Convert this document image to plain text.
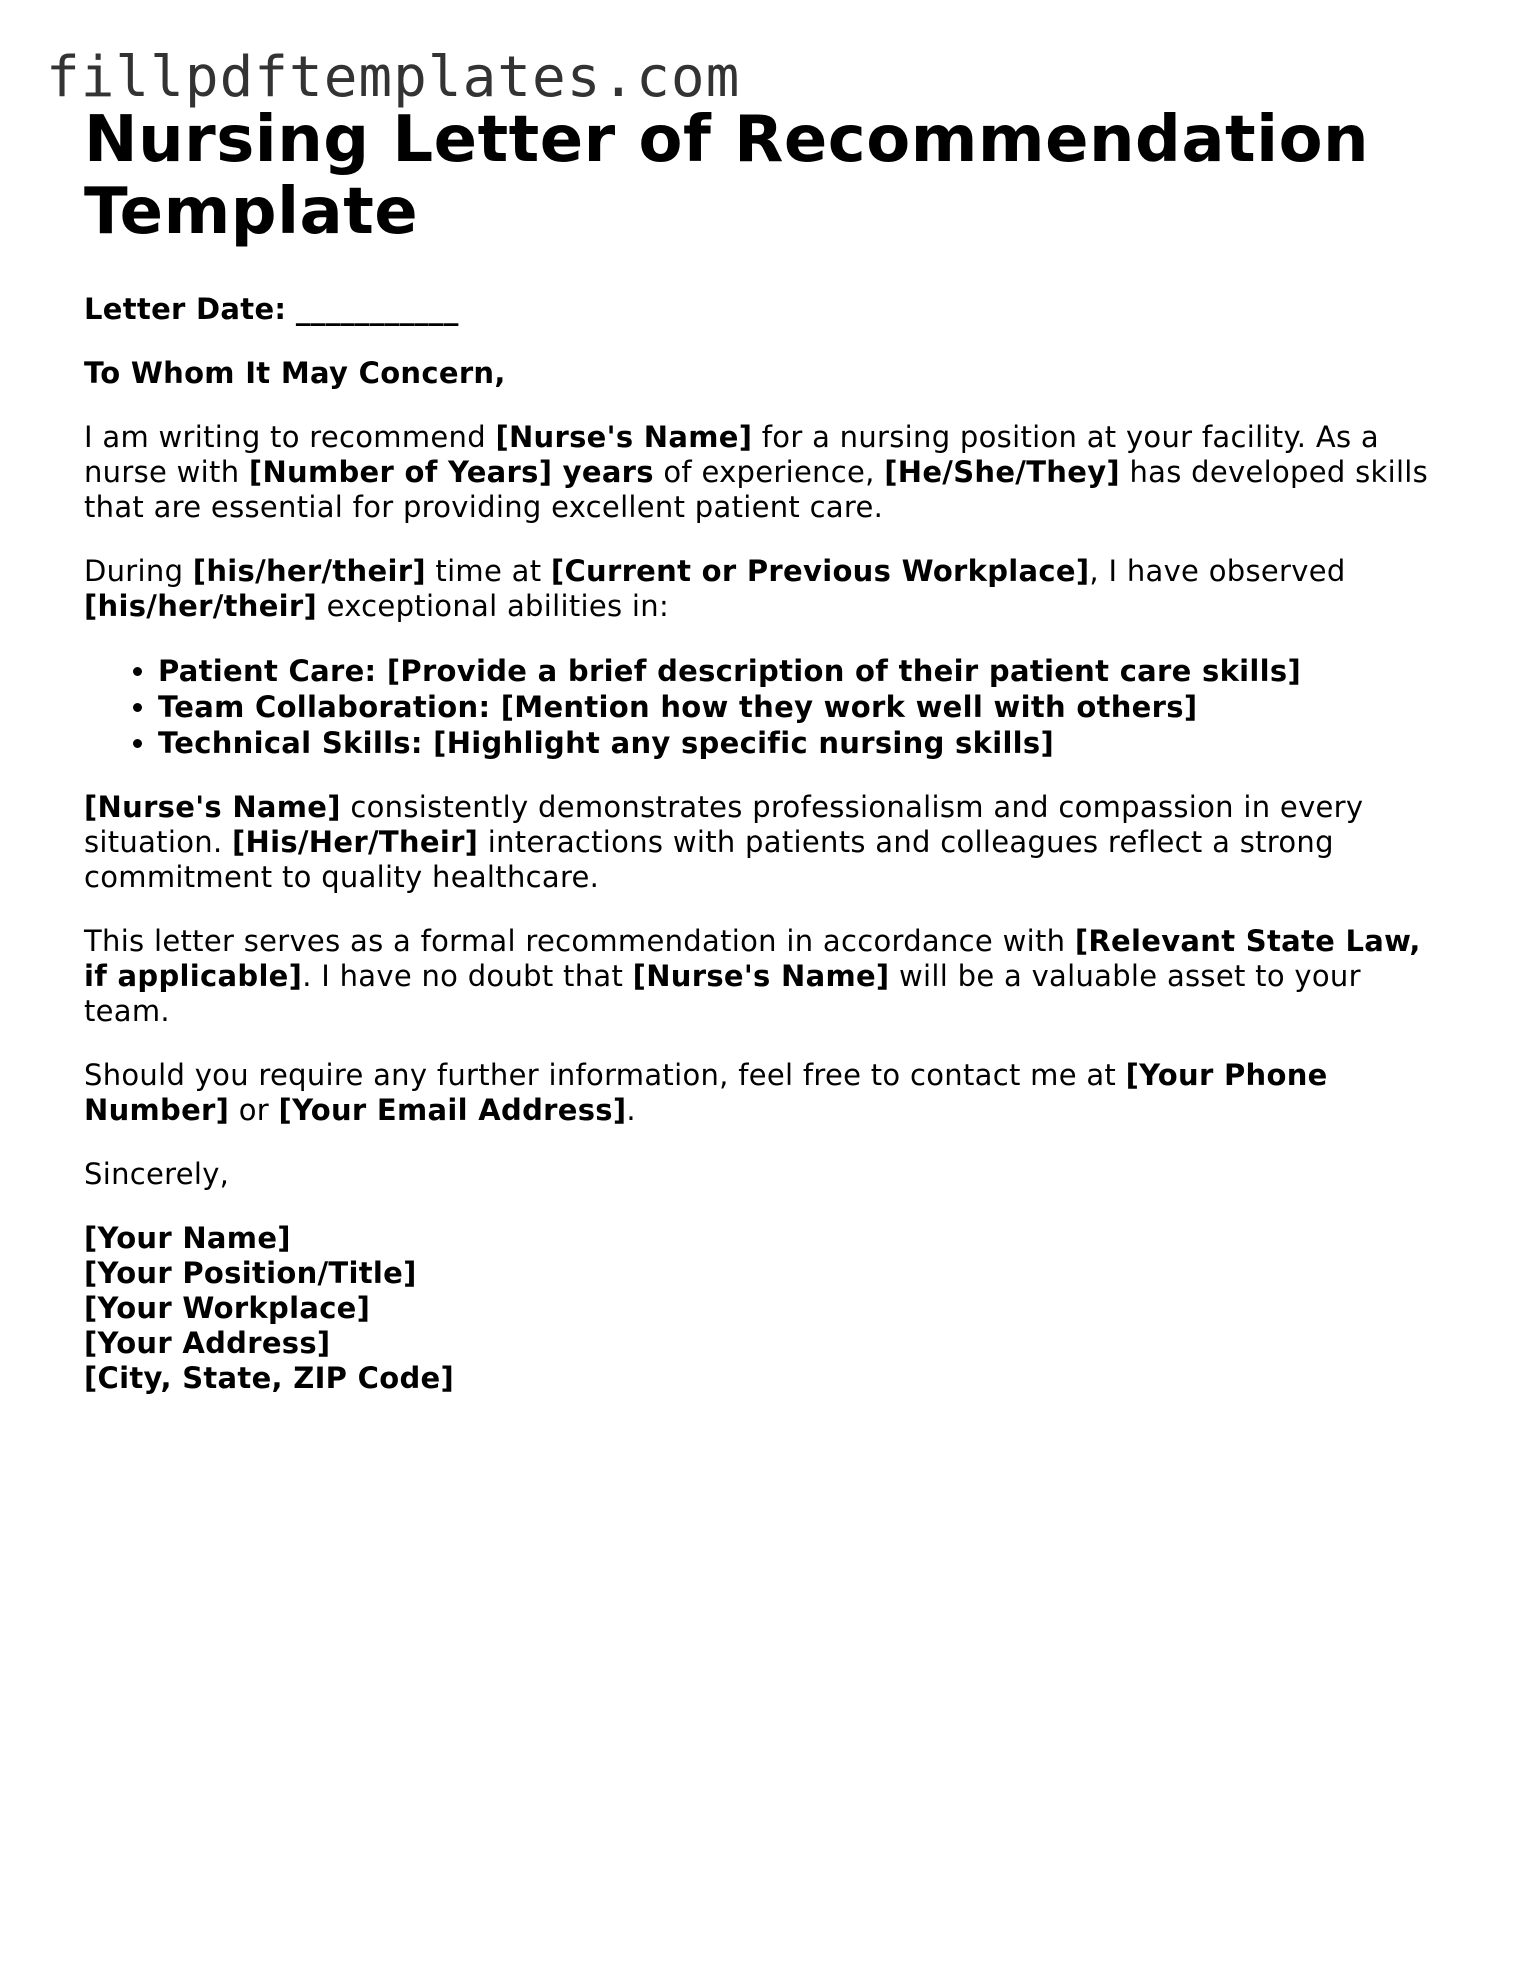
fillpdftemplates.com
Nursing Letter of Recommendation Template

Letter Date: ___________

To Whom It May Concern,

I am writing to recommend [Nurse's Name] for a nursing position at your facility. As a nurse with [Number of Years] years of experience, [He/She/They] has developed skills that are essential for providing excellent patient care.

During [his/her/their] time at [Current or Previous Workplace], I have observed [his/her/their] exceptional abilities in:

• Patient Care: [Provide a brief description of their patient care skills]
• Team Collaboration: [Mention how they work well with others]
• Technical Skills: [Highlight any specific nursing skills]

[Nurse's Name] consistently demonstrates professionalism and compassion in every situation. [His/Her/Their] interactions with patients and colleagues reflect a strong commitment to quality healthcare.

This letter serves as a formal recommendation in accordance with [Relevant State Law, if applicable]. I have no doubt that [Nurse's Name] will be a valuable asset to your team.

Should you require any further information, feel free to contact me at [Your Phone Number] or [Your Email Address].

Sincerely,

[Your Name]

[Your Position/Title]

[Your Workplace]

[Your Address]

[City, State, ZIP Code]
